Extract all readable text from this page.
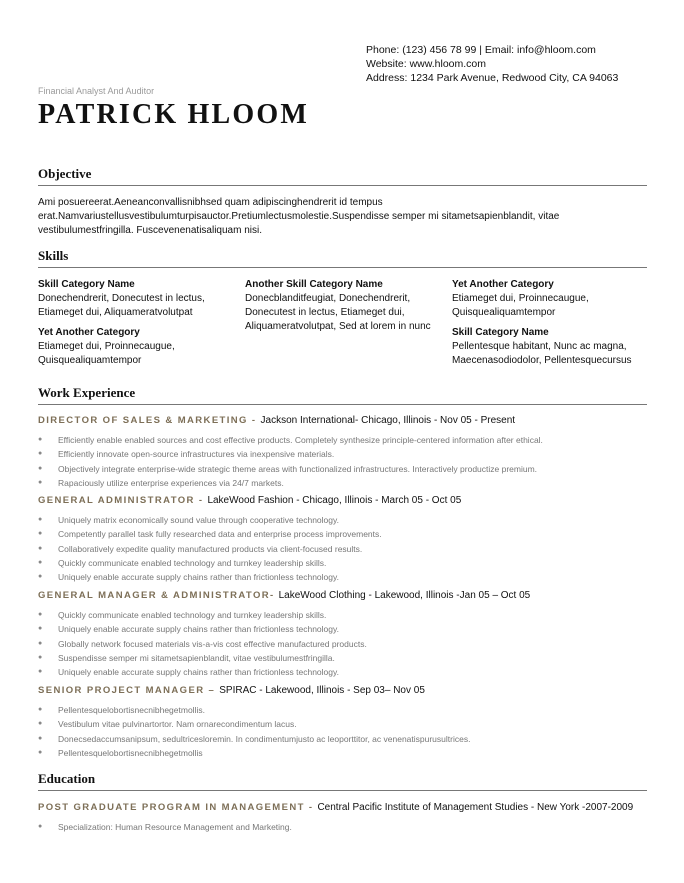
Phone: (123) 456 78 99 | Email: info@hloom.com
Website: www.hloom.com
Address: 1234 Park Avenue, Redwood City, CA 94063
Financial Analyst And Auditor
PATRICK HLOOM
Objective
Ami posuereerat.Aeneanconvallisnibhsed quam adipiscinghendrerit id tempus erat.Namvariustellusvestibulumturpisauctor.Pretiumlectusmolestie.Suspendisse semper mi sitametsapienblandit, vitae vestibulumestfringilla. Fuscevenenatisaliquam nisi.
Skills
Skill Category Name
Donechendrerit, Donecutest in lectus, Etiameget dui, Aliquameratvolutpat
Yet Another Category
Etiameget dui, Proinnecaugue, Quisquealiquamtempor
Another Skill Category Name
Donecblanditfeugiat, Donechendrerit, Donecutest in lectus, Etiameget dui, Aliquameratvolutpat, Sed at lorem in nunc
Yet Another Category
Etiameget dui, Proinnecaugue, Quisquealiquamtempor
Skill Category Name
Pellentesque habitant, Nunc ac magna, Maecenasodiodolor, Pellentesquecursus
Work Experience
DIRECTOR OF SALES & MARKETING - Jackson International- Chicago, Illinois - Nov 05 - Present
● Efficiently enable enabled sources and cost effective products. Completely synthesize principle-centered information after ethical.
● Efficiently innovate open-source infrastructures via inexpensive materials.
● Objectively integrate enterprise-wide strategic theme areas with functionalized infrastructures. Interactively productize premium.
● Rapaciously utilize enterprise experiences via 24/7 markets.
GENERAL ADMINISTRATOR - LakeWood Fashion - Chicago, Illinois - March 05 - Oct 05
● Uniquely matrix economically sound value through cooperative technology.
● Competently parallel task fully researched data and enterprise process improvements.
● Collaboratively expedite quality manufactured products via client-focused results.
● Quickly communicate enabled technology and turnkey leadership skills.
● Uniquely enable accurate supply chains rather than frictionless technology.
GENERAL MANAGER & ADMINISTRATOR- LakeWood Clothing - Lakewood, Illinois -Jan 05 – Oct 05
● Quickly communicate enabled technology and turnkey leadership skills.
● Uniquely enable accurate supply chains rather than frictionless technology.
● Globally network focused materials vis-a-vis cost effective manufactured products.
● Suspendisse semper mi sitametsapienblandit, vitae vestibulumestfringilla.
● Uniquely enable accurate supply chains rather than frictionless technology.
SENIOR PROJECT MANAGER – SPIRAC - Lakewood, Illinois - Sep 03– Nov 05
● Pellentesquelobortisnecnibhegetmollis.
● Vestibulum vitae pulvinartortor. Nam ornarecondimentum lacus.
● Donecsedaccumsanipsum, sedultricesloremin. In condimentumjusto ac leoporttitor, ac venenatispurusultrices.
● Pellentesquelobortisnecnibhegetmollis
Education
POST GRADUATE PROGRAM IN MANAGEMENT - Central Pacific Institute of Management Studies - New York -2007-2009
● Specialization: Human Resource Management and Marketing.
